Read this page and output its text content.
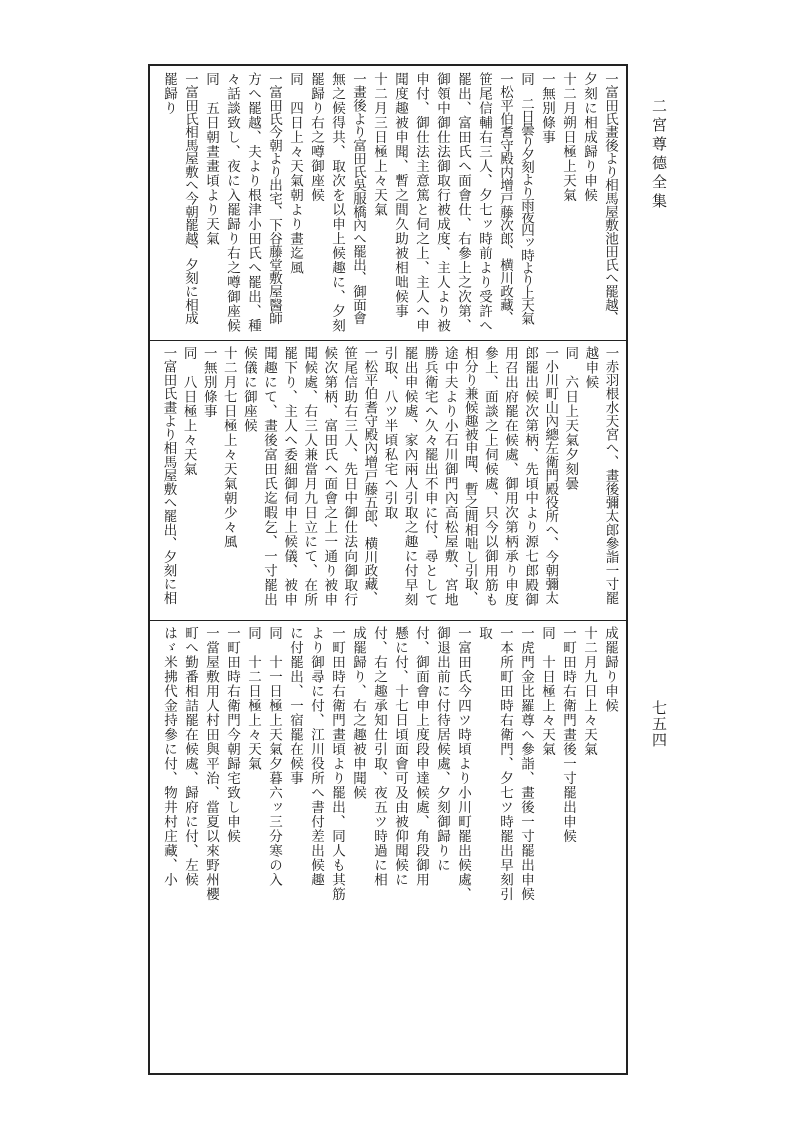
二宮尊德全集
七五四
一富田氏畫後より相馬屋敷池田氏へ罷越、
夕刻に相成歸り申候
十二月朔日極上天氣
一無別條事
同　二日曇り夕刻より雨夜四ッ時より上天氣
一松平伯耆守殿内增戸藤次郎、横川政藏、
笹尾信輔右三人、夕七ッ時前より受許へ
罷出、富田氏へ面會仕、右參上之次第、
御領中御仕法御取行被成度、主人より被
申付、御仕法主意篤と伺之上、主人へ申
聞度趣被申聞、暫之間久助被相咄候事
十二月三日極上々天氣
一畫後より富田氏吳服橋內へ罷出、御面會
無之候得共、取次を以申上候趣に、夕刻
罷歸り右之噂御座候
同　四日上々天氣朝より畫迄風
一富田氏今朝より出宅、下谷藤堂敷屋醫師
方へ罷越、夫より根津小田氏へ罷出、種
々話談致し、夜に入罷歸り右之噂御座候
同　五日朝晝畫頃より天氣
一富田氏相馬屋敷へ今朝罷越、夕刻に相成
罷歸り
一赤羽根水天宮へ、畫後彌太郎參詣一寸罷
越申候
同　六日上天氣夕刻曇
一小川町山內總左衛門殿役所へ、今朝彌太
郎罷出候次第柄、先頃中より源七郎殿御
用召出府罷在候處、御用次第柄承り申度
參上、面談之上伺候處、只今以御用筋も
相分り兼候趣被申聞、暫之間相咄し引取、
途中夫より小石川御門內高松屋敷、宮地
勝兵衛宅へ久々罷出不申に付、尋として
罷出申候處、家內兩人引取之趣に付早刻
引取、八ツ半頃私宅へ引取
一松平伯耆守殿內增戸藤五郎、横川政藏、
笹尾信助右三人、先日中御仕法向御取行
候次第柄、富田氏へ面會之上一通り被申
聞候處、右三人兼當月九日立にて、在所
罷下り、主人へ委細御伺申上候儀、被申
聞趣にて、畫後富田氏迄暇乞、一寸罷出
候儀に御座候
十二月七日極上々天氣朝少々風
一無別條事
同　八日極上々天氣
一富田氏畫より相馬屋敷へ罷出、夕刻に相
成罷歸り申候
十二月九日上々天氣
一町田時右衛門畫後一寸罷出申候
同　十日極上々天氣
一虎門金比羅尊へ參詣、畫後一寸罷出申候
一本所町田時右衛門、夕七ツ時罷出早刻引
取
一富田氏今四ツ時頃より小川町罷出候處、
御退出前に付待居候處、夕刻御歸りに
付、御面會申上度段申達候處、角段御用
懸に付、十七日頃面會可及由被仰聞候に
付、右之趣承知仕引取、夜五ツ時過に相
成罷歸り、右之趣被申聞候
一町田時右衛門畫頃より罷出、同人も其筋
より御尋に付、江川役所へ書付差出候趣
に付罷出、一宿罷在候事
同　十一日極上天氣夕暮六ッ三分寒の入
同　十二日極上々天氣
一町田時右衛門今朝歸宅致し申候
一當屋敷用人村田與平治、當夏以來野州櫻
町へ勤番相詰罷在候處、歸府に付、左候
はゞ米拂代金持參に付、物井村庄藏、小
